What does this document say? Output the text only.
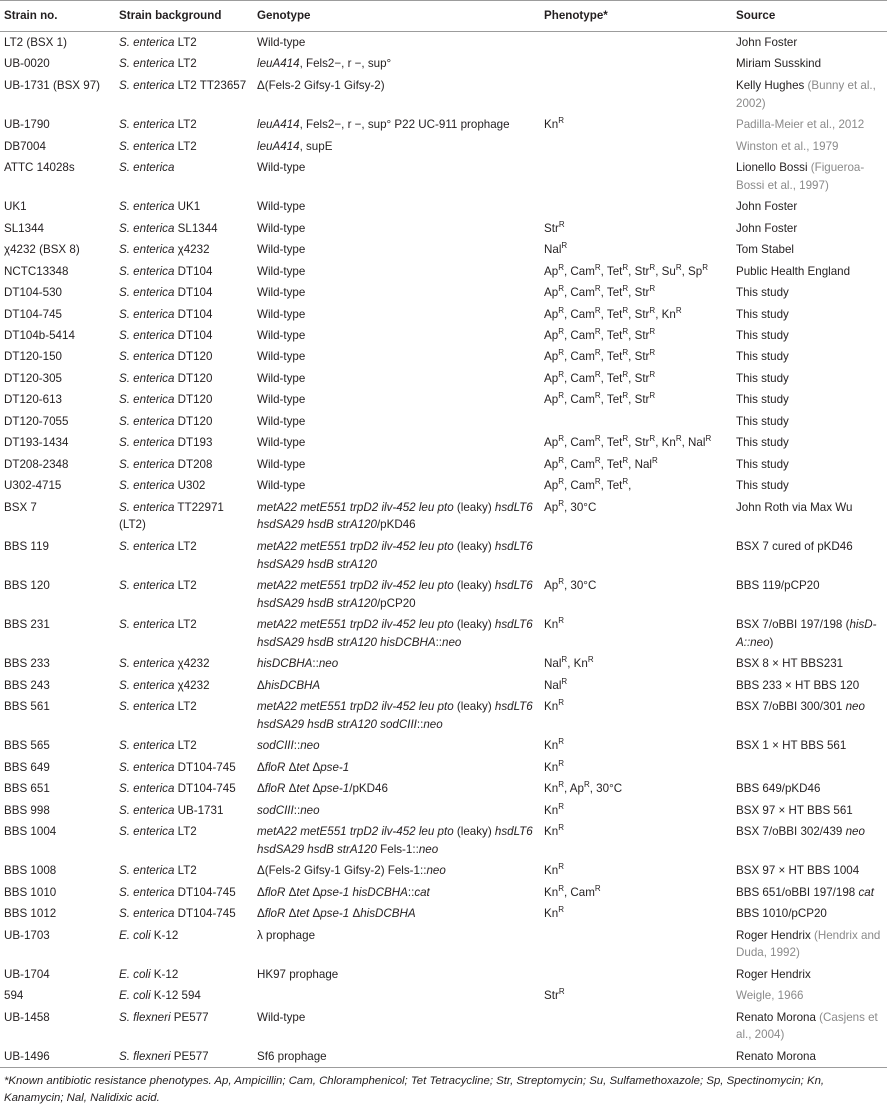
Strain no.	Strain background	Genotype	Phenotype*	Source
LT2 (BSX 1)	S. enterica LT2	Wild-type		John Foster
UB-0020	S. enterica LT2	leuA414, Fels2−, r −, sup°		Miriam Susskind
UB-1731 (BSX 97)	S. enterica LT2 TT23657	Δ(Fels-2 Gifsy-1 Gifsy-2)		Kelly Hughes (Bunny et al., 2002)
UB-1790	S. enterica LT2	leuA414, Fels2−, r −, sup° P22 UC-911 prophage	$Kn^R$	Padilla-Meier et al., 2012
DB7004	S. enterica LT2	leuA414, supE		Winston et al., 1979
ATTC 14028s	S. enterica	Wild-type		Lionello Bossi (Figueroa-Bossi et al., 1997)
UK1	S. enterica UK1	Wild-type		John Foster
SL1344	S. enterica SL1344	Wild-type	Str$^R$	John Foster
χ4232 (BSX 8)	S. enterica χ4232	Wild-type	Nal$^R$	Tom Stabel
NCTC13348	S. enterica DT104	Wild-type	$Ap^R$, Cam$^R$, Tet$^R$, Str$^R$, $Su^R$, $Sp^R$	Public Health England
DT104-530	S. enterica DT104	Wild-type	$Ap^R$, Cam$^R$, Tet$^R$, Str$^R$	This study
DT104-745	S. enterica DT104	Wild-type	$Ap^R$, Cam$^R$, Tet$^R$, Str$^R$, $Kn^R$	This study
DT104b-5414	S. enterica DT104	Wild-type	$Ap^R$, Cam$^R$, Tet$^R$, Str$^R$	This study
DT120-150	S. enterica DT120	Wild-type	$Ap^R$, Cam$^R$, Tet$^R$, Str$^R$	This study
DT120-305	S. enterica DT120	Wild-type	$Ap^R$, Cam$^R$, Tet$^R$, Str$^R$	This study
DT120-613	S. enterica DT120	Wild-type	$Ap^R$, Cam$^R$, Tet$^R$, Str$^R$	This study
DT120-7055	S. enterica DT120	Wild-type		This study
DT193-1434	S. enterica DT193	Wild-type	$Ap^R$, Cam$^R$, Tet$^R$, Str$^R$, $Kn^R$, Nal$^R$	This study
DT208-2348	S. enterica DT208	Wild-type	$Ap^R$, Cam$^R$, Tet$^R$, Nal$^R$	This study
U302-4715	S. enterica U302	Wild-type	$Ap^R$, Cam$^R$, Tet$^R$,	This study
BSX 7	S. enterica TT22971 (LT2)	metA22 metE551 trpD2 ilv-452 leu pto (leaky) hsdLT6 hsdSA29 hsdB strA120/pKD46	$Ap^R$, 30°C	John Roth via Max Wu
BBS 119	S. enterica LT2	metA22 metE551 trpD2 ilv-452 leu pto (leaky) hsdLT6 hsdSA29 hsdB strA120		BSX 7 cured of pKD46
BBS 120	S. enterica LT2	metA22 metE551 trpD2 ilv-452 leu pto (leaky) hsdLT6 hsdSA29 hsdB strA120/pCP20	$Ap^R$, 30°C	BBS 119/pCP20
BBS 231	S. enterica LT2	metA22 metE551 trpD2 ilv-452 leu pto (leaky) hsdLT6 hsdSA29 hsdB strA120 hisDCBHA::neo	$Kn^R$	BSX 7/oBBI 197/198 (hisD-A::neo)
BBS 233	S. enterica χ4232	hisDCBHA::neo	Nal$^R$, $Kn^R$	BSX 8 × HT BBS231
BBS 243	S. enterica χ4232	ΔhisDCBHA	Nal$^R$	BBS 233 × HT BBS 120
BBS 561	S. enterica LT2	metA22 metE551 trpD2 ilv-452 leu pto (leaky) hsdLT6 hsdSA29 hsdB strA120 sodCIII::neo	$Kn^R$	BSX 7/oBBI 300/301 neo
BBS 565	S. enterica LT2	sodCIII::neo	$Kn^R$	BSX 1 × HT BBS 561
BBS 649	S. enterica DT104-745	ΔfloR Δtet Δpse-1	$Kn^R$	
BBS 651	S. enterica DT104-745	ΔfloR Δtet Δpse-1/pKD46	$Kn^R$, $Ap^R$, 30°C	BBS 649/pKD46
BBS 998	S. enterica UB-1731	sodCIII::neo	$Kn^R$	BSX 97 × HT BBS 561
BBS 1004	S. enterica LT2	metA22 metE551 trpD2 ilv-452 leu pto (leaky) hsdLT6 hsdSA29 hsdB strA120 Fels-1::neo	$Kn^R$	BSX 7/oBBI 302/439 neo
BBS 1008	S. enterica LT2	Δ(Fels-2 Gifsy-1 Gifsy-2) Fels-1::neo	$Kn^R$	BSX 97 × HT BBS 1004
BBS 1010	S. enterica DT104-745	ΔfloR Δtet Δpse-1 hisDCBHA::cat	$Kn^R$, Cam$^R$	BBS 651/oBBI 197/198 cat
BBS 1012	S. enterica DT104-745	ΔfloR Δtet Δpse-1 ΔhisDCBHA	$Kn^R$	BBS 1010/pCP20
UB-1703	E. coli K-12	λ prophage		Roger Hendrix (Hendrix and Duda, 1992)
UB-1704	E. coli K-12	HK97 prophage		Roger Hendrix
594	E. coli K-12 594		Str$^R$	Weigle, 1966
UB-1458	S. flexneri PE577	Wild-type		Renato Morona (Casjens et al., 2004)
UB-1496	S. flexneri PE577	Sf6 prophage		Renato Morona
*Known antibiotic resistance phenotypes. Ap, Ampicillin; Cam, Chloramphenicol; Tet Tetracycline; Str, Streptomycin; Su, Sulfamethoxazole; Sp, Spectinomycin; Kn, Kanamycin; Nal, Nalidixic acid.
